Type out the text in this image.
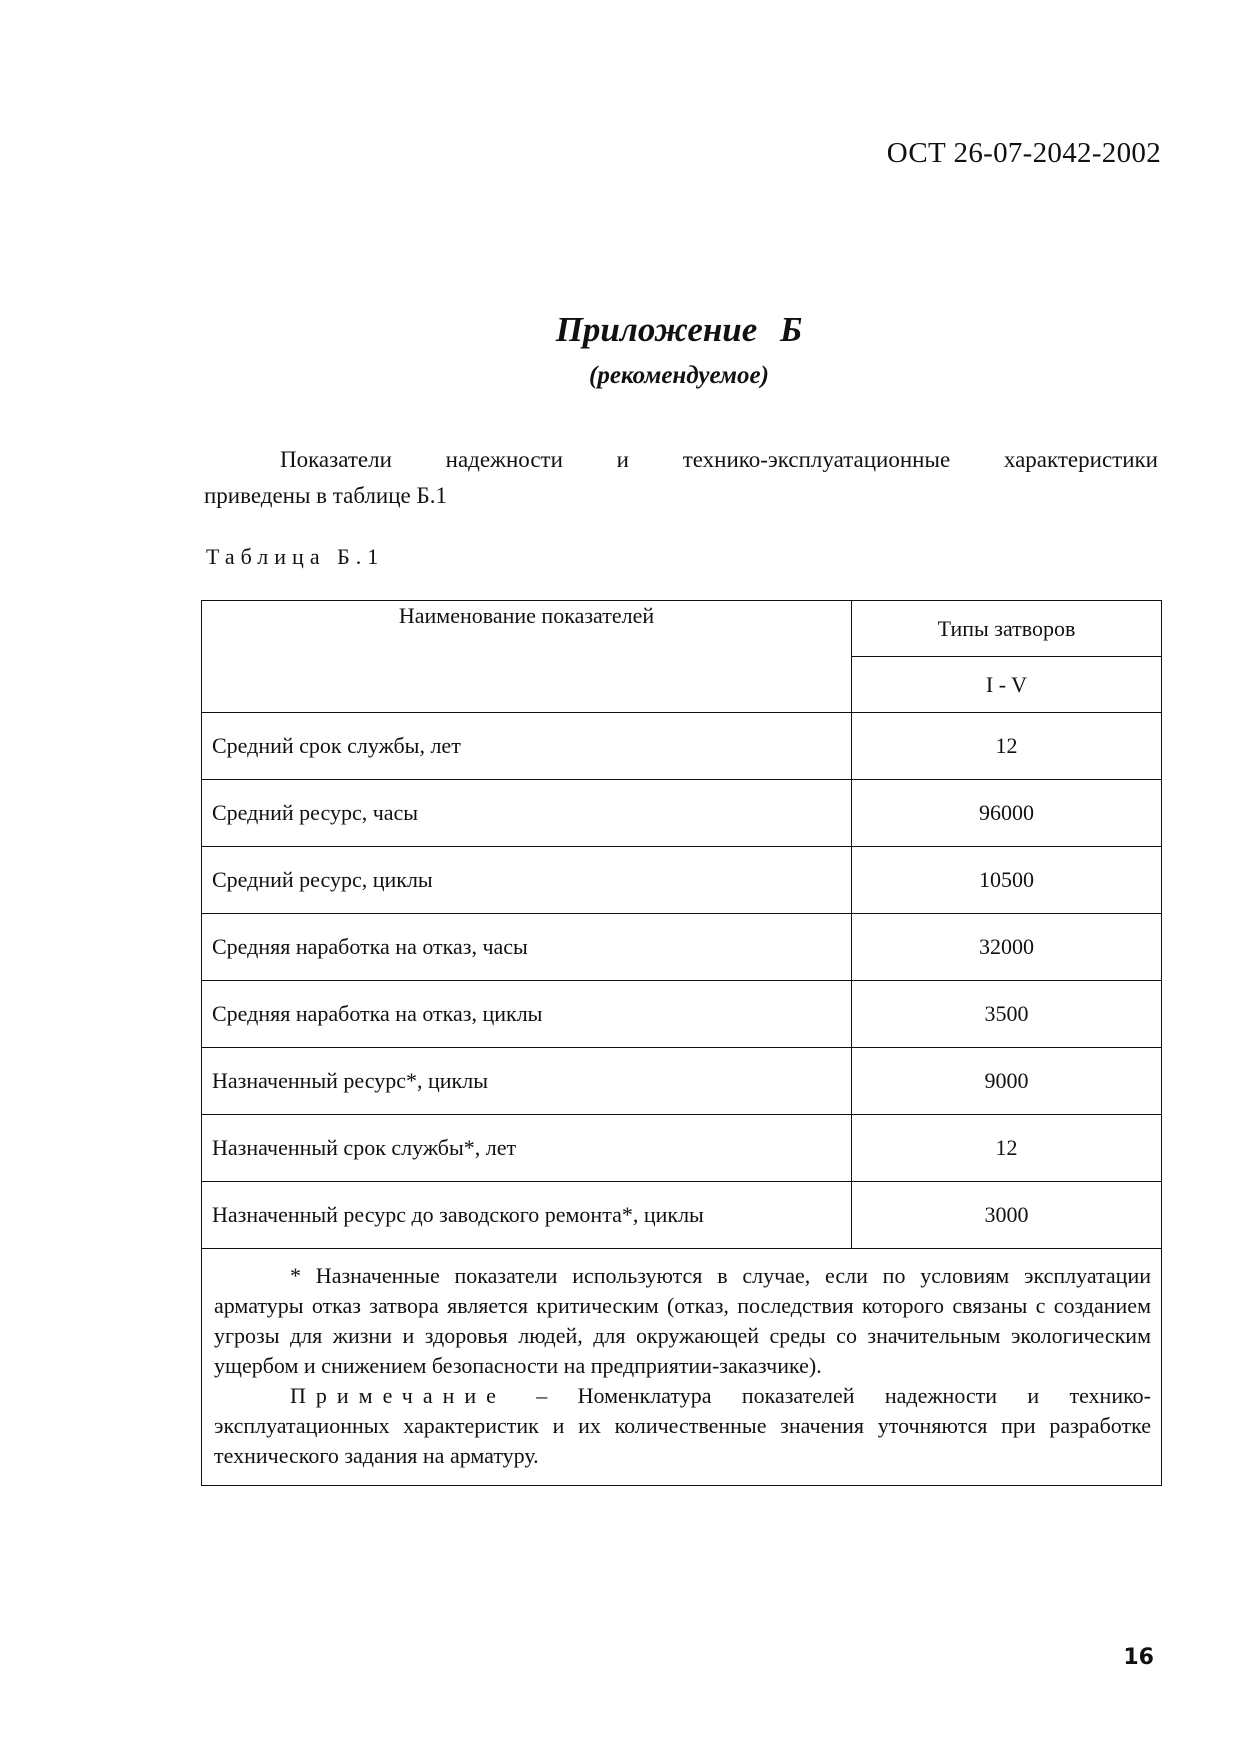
ОСТ 26-07-2042-2002
Приложение Б
(рекомендуемое)
Показатели надежности и технико-эксплуатационные характеристики
приведены в таблице Б.1
Таблица Б.1
Наименование показателей	Типы затворов
	I - V
Средний срок службы, лет	12
Средний ресурс, часы	96000
Средний ресурс, циклы	10500
Средняя наработка на отказ, часы	32000
Средняя наработка на отказ, циклы	3500
Назначенный ресурс*, циклы	9000
Назначенный срок службы*, лет	12
Назначенный ресурс до заводского ремонта*, циклы	3000

* Назначенные показатели используются в случае, если по условиям эксплуатации арматуры отказ затвора является критическим (отказ, последствия которого связаны с созданием угрозы для жизни и здоровья людей, для окружающей среды со значительным экологическим ущербом и снижением безопасности на предприятии-заказчике).

Примечание – Номенклатура показателей надежности и технико-эксплуатационных характеристик и их количественные значения уточняются при разработке технического задания на арматуру.	

16
